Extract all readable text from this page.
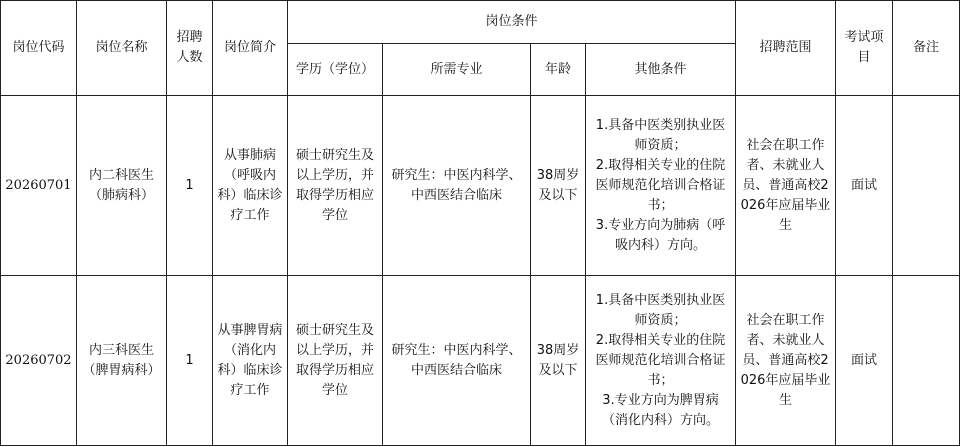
岗位代码	岗位名称	招聘人数	岗位简介	岗位条件				招聘范围	考试项目	备注
				学历（学位）	所需专业	年龄	其他条件			
20260701	内二科医生（肺病科）	1	从事肺病（呼吸内科）临床诊疗工作	硕士研究生及以上学历，并取得学历相应学位	研究生：中医内科学、中西医结合临床	38周岁及以下	1.具备中医类别执业医师资质；
2.取得相关专业的住院医师规范化培训合格证书；
3.专业方向为肺病（呼吸内科）方向。	社会在职工作者、未就业人员、普通高校2026年应届毕业生	面试	
20260702	内三科医生（脾胃病科）	1	从事脾胃病（消化内科）临床诊疗工作	硕士研究生及以上学历，并取得学历相应学位	研究生：中医内科学、中西医结合临床	38周岁及以下	1.具备中医类别执业医师资质；
2.取得相关专业的住院医师规范化培训合格证书；
3.专业方向为脾胃病（消化内科）方向。	社会在职工作者、未就业人员、普通高校2026年应届毕业生	面试	
